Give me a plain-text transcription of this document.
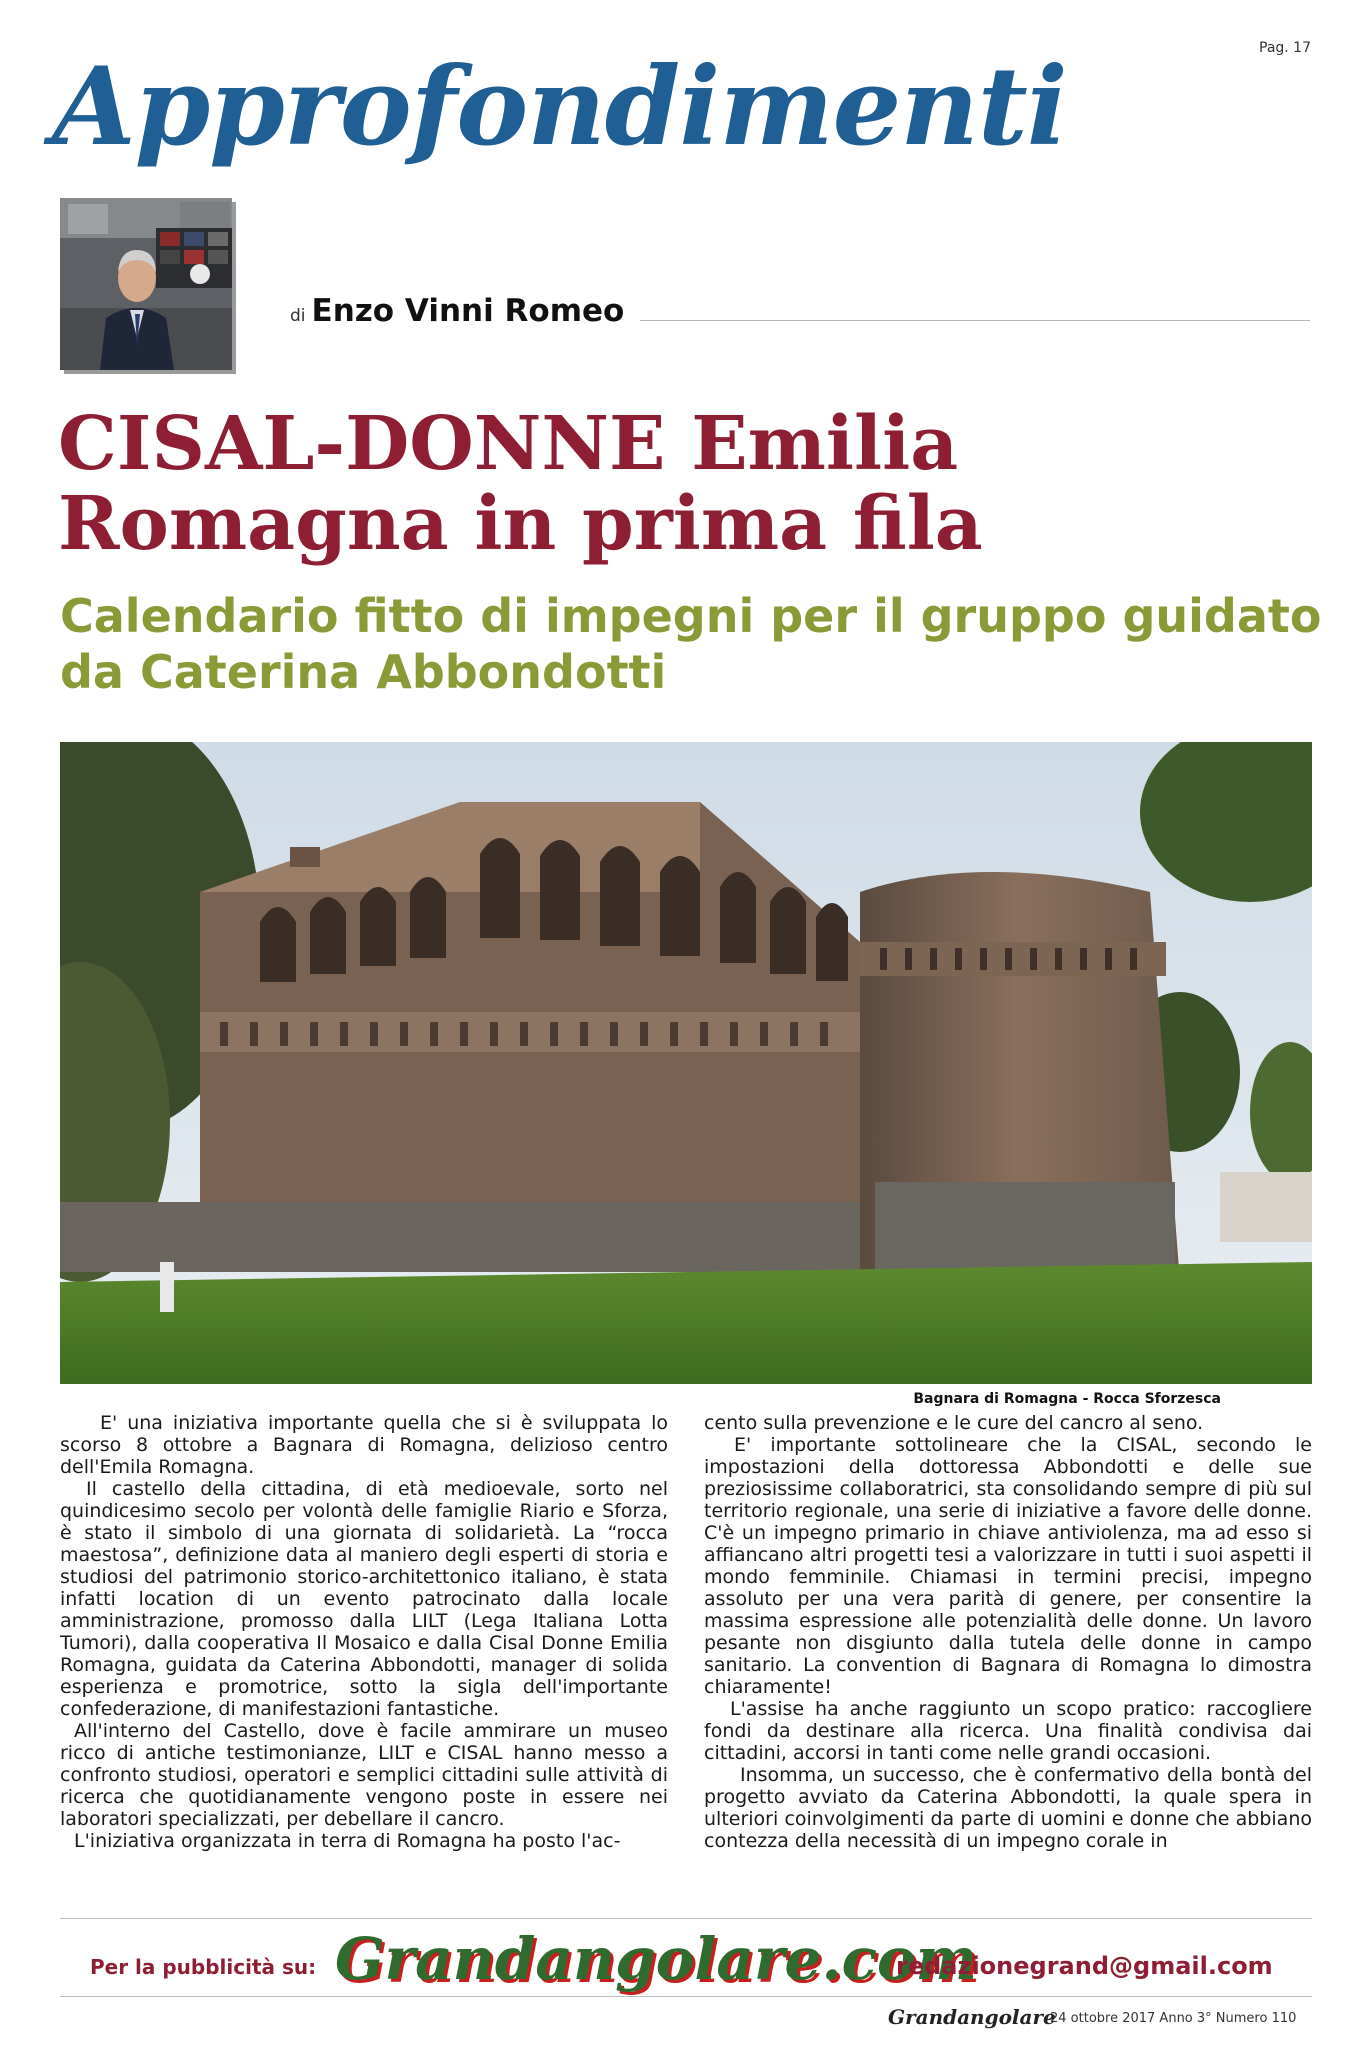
Pag. 17
Approfondimenti
di Enzo Vinni Romeo
CISAL-DONNE Emilia Romagna in prima fila
Calendario fitto di impegni per il gruppo guidato da Caterina Abbondotti
Bagnara di Romagna - Rocca Sforzesca

E' una iniziativa importante quella che si è sviluppata lo scorso 8 ottobre a Bagnara di Romagna, delizioso centro dell'Emila Romagna.

Il castello della cittadina, di età medioevale, sorto nel quindicesimo secolo per volontà delle famiglie Riario e Sforza, è stato il simbolo di una giornata di solidarietà. La “rocca maestosa”, definizione data al maniero degli esperti di storia e studiosi del patrimonio storico-architettonico italiano, è stata infatti location di un evento patrocinato dalla locale amministrazione, promosso dalla LILT (Lega Italiana Lotta Tumori), dalla cooperativa Il Mosaico e dalla Cisal Donne Emilia Romagna, guidata da Caterina Abbondotti, manager di solida esperienza e promotrice, sotto la sigla dell'importante confederazione, di manifestazioni fantastiche.

All'interno del Castello, dove è facile ammirare un museo ricco di antiche testimonianze, LILT e CISAL hanno messo a confronto studiosi, operatori e semplici cittadini sulle attività di ricerca che quotidianamente vengono poste in essere nei laboratori specializzati, per debellare il cancro.

L'iniziativa organizzata in terra di Romagna ha posto l'ac-

cento sulla prevenzione e le cure del cancro al seno.

E' importante sottolineare che la CISAL, secondo le impostazioni della dottoressa Abbondotti e delle sue preziosissime collaboratrici, sta consolidando sempre di più sul territorio regionale, una serie di iniziative a favore delle donne. C'è un impegno primario in chiave antiviolenza, ma ad esso si affiancano altri progetti tesi a valorizzare in tutti i suoi aspetti il mondo femminile. Chiamasi in termini precisi, impegno assoluto per una vera parità di genere, per consentire la massima espressione alle potenzialità delle donne. Un lavoro pesante non disgiunto dalla tutela delle donne in campo sanitario. La convention di Bagnara di Romagna lo dimostra chiaramente!

L'assise ha anche raggiunto un scopo pratico: raccogliere fondi da destinare alla ricerca. Una finalità condivisa dai cittadini, accorsi in tanti come nelle grandi occasioni.

Insomma, un successo, che è confermativo della bontà del progetto avviato da Caterina Abbondotti, la quale spera in ulteriori coinvolgimenti da parte di uomini e donne che abbiano contezza della necessità di un impegno corale in

Per la pubblicità su: Grandangolare.com
redazionegrand@gmail.com
Grandangolare
24 ottobre 2017 Anno 3° Numero 110
